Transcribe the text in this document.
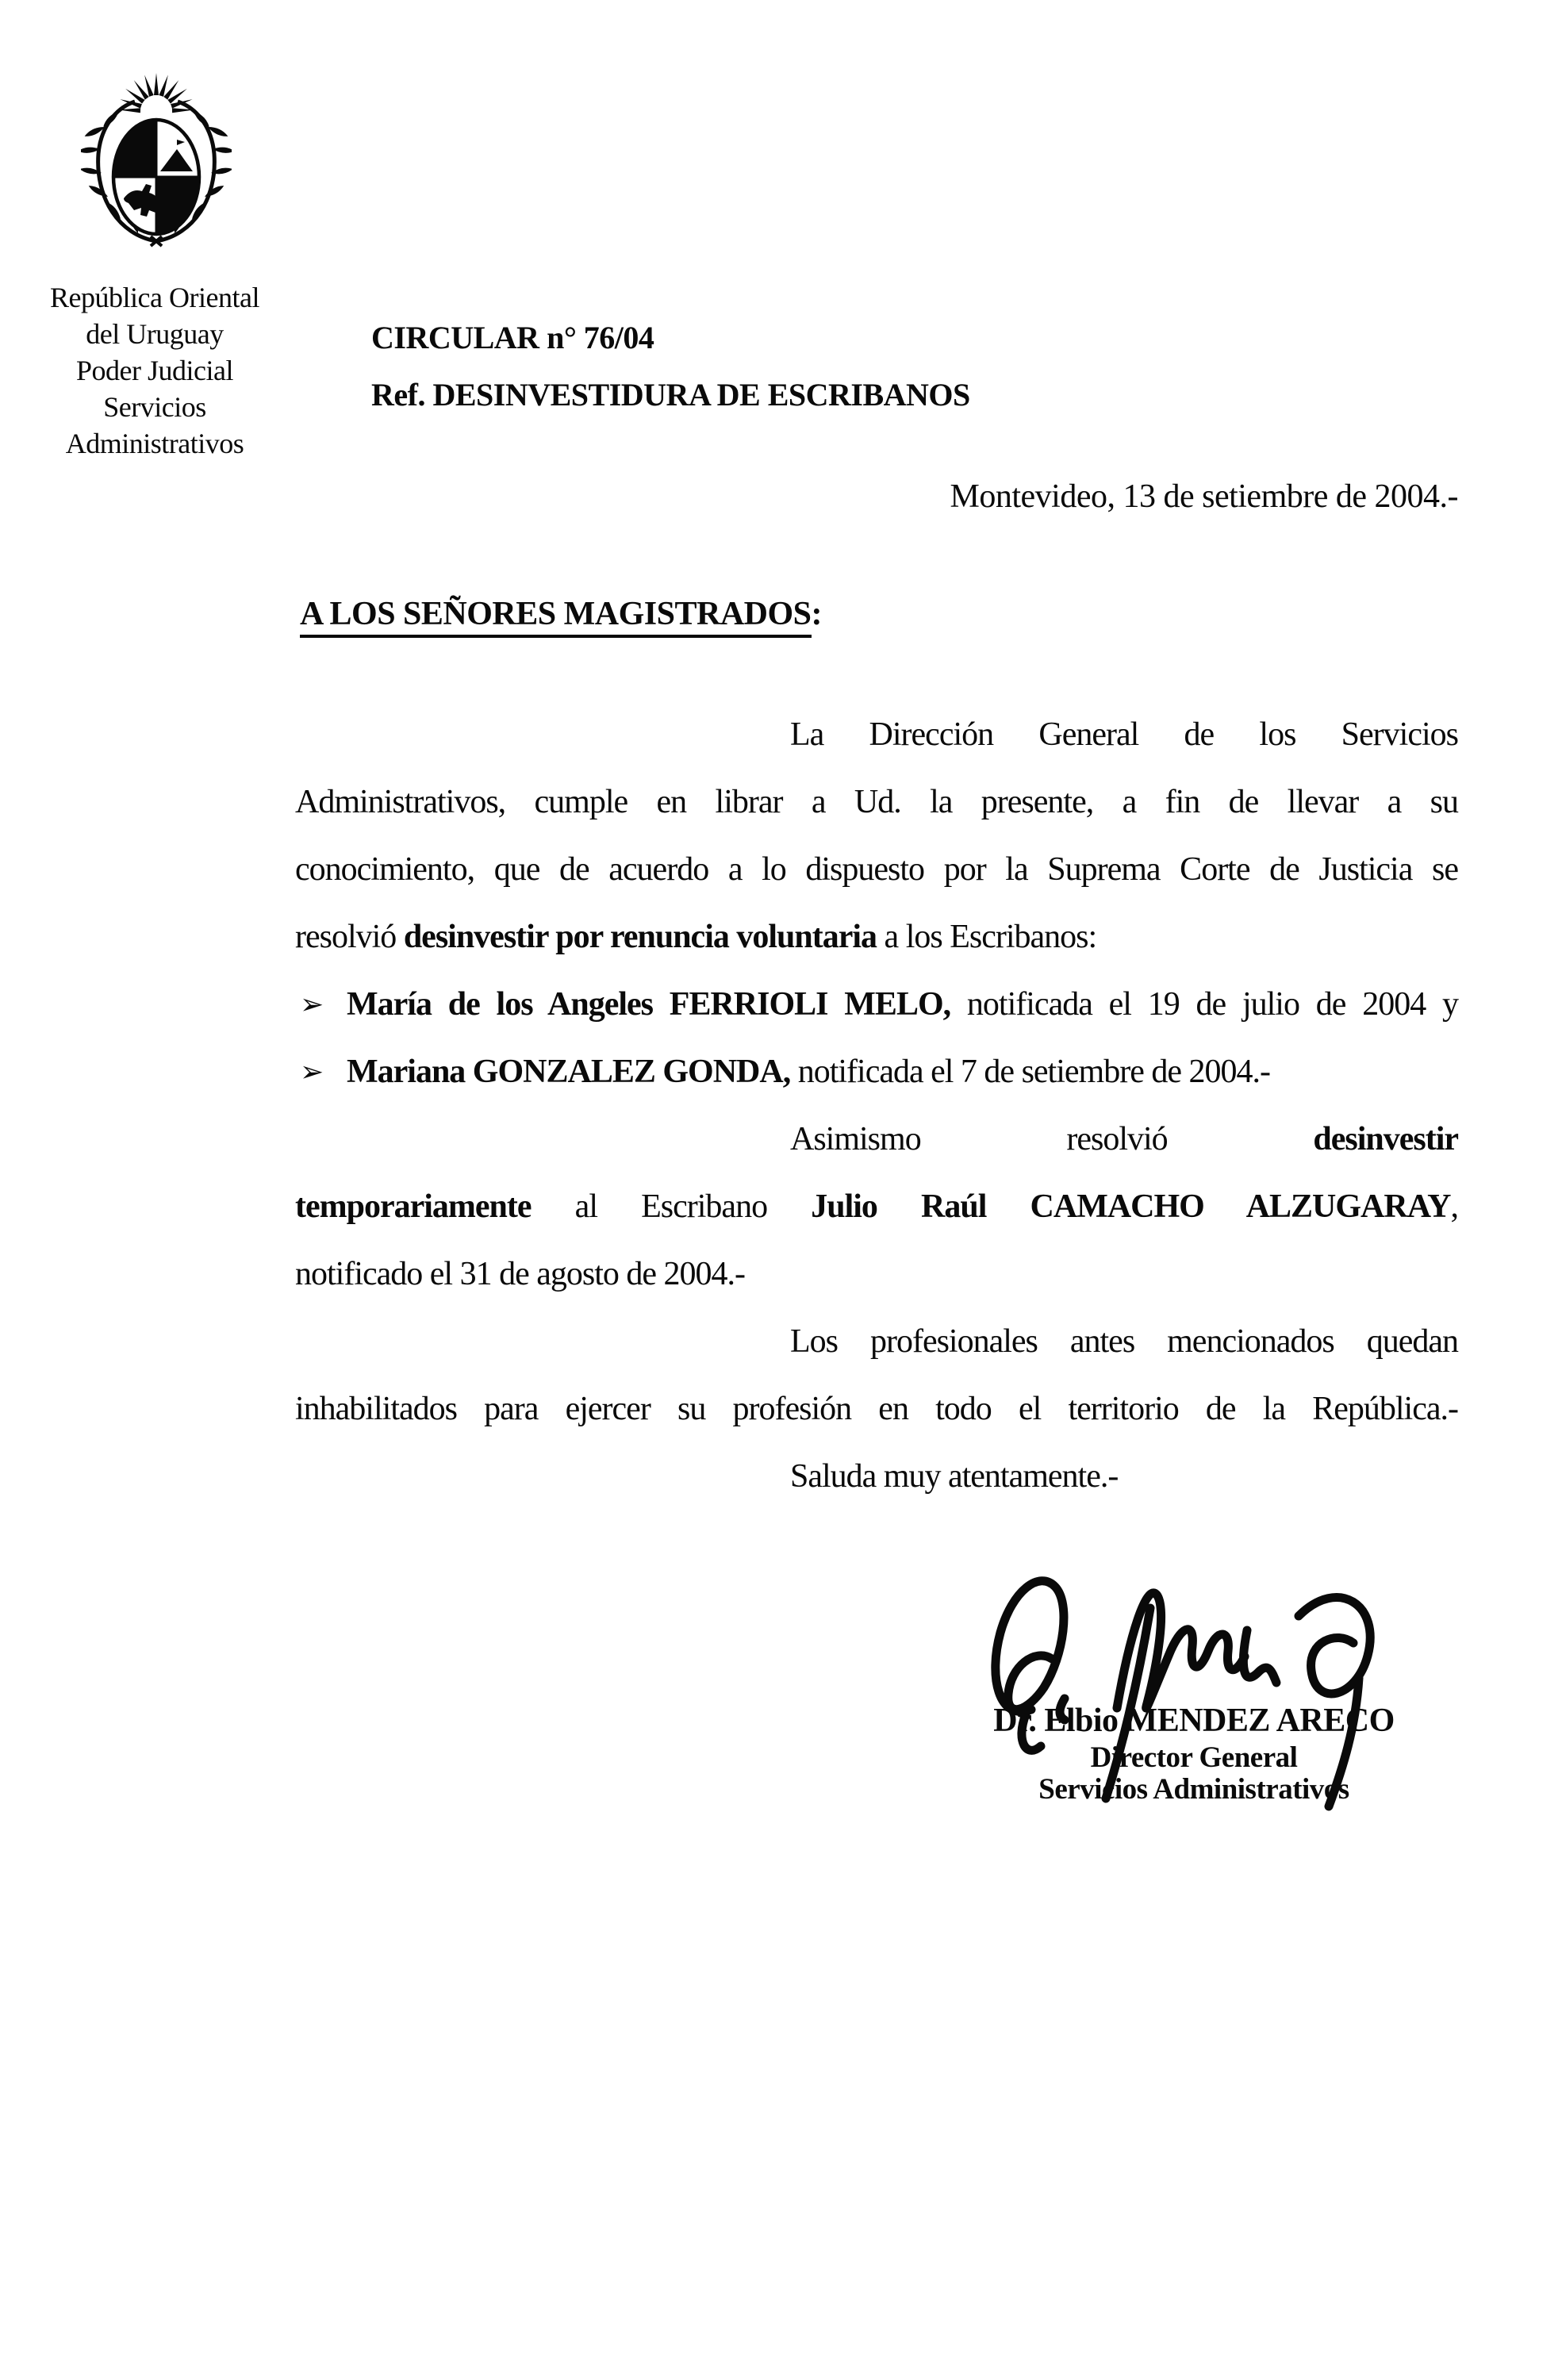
República Oriental
del Uruguay
Poder Judicial
Servicios
Administrativos
CIRCULAR n° 76/04
Ref. DESINVESTIDURA DE ESCRIBANOS
Montevideo, 13 de setiembre de 2004.-
A LOS SEÑORES MAGISTRADOS:
La Dirección General de los Servicios
Administrativos, cumple en librar a Ud. la presente, a fin de llevar a su
conocimiento, que de acuerdo a lo dispuesto por la Suprema Corte de Justicia se
resolvió desinvestir por renuncia voluntaria a los Escribanos:
➢ María de los Angeles FERRIOLI MELO, notificada el 19 de julio de 2004 y
➢ Mariana GONZALEZ GONDA, notificada el 7 de setiembre de 2004.-
Asimismo resolvió desinvestir
temporariamente al Escribano Julio Raúl CAMACHO ALZUGARAY,
notificado el 31 de agosto de 2004.-
Los profesionales antes mencionados quedan
inhabilitados para ejercer su profesión en todo el territorio de la República.-
Saluda muy atentamente.-
Dr. Elbio MENDEZ ARECO
Director General
Servicios Administrativos
